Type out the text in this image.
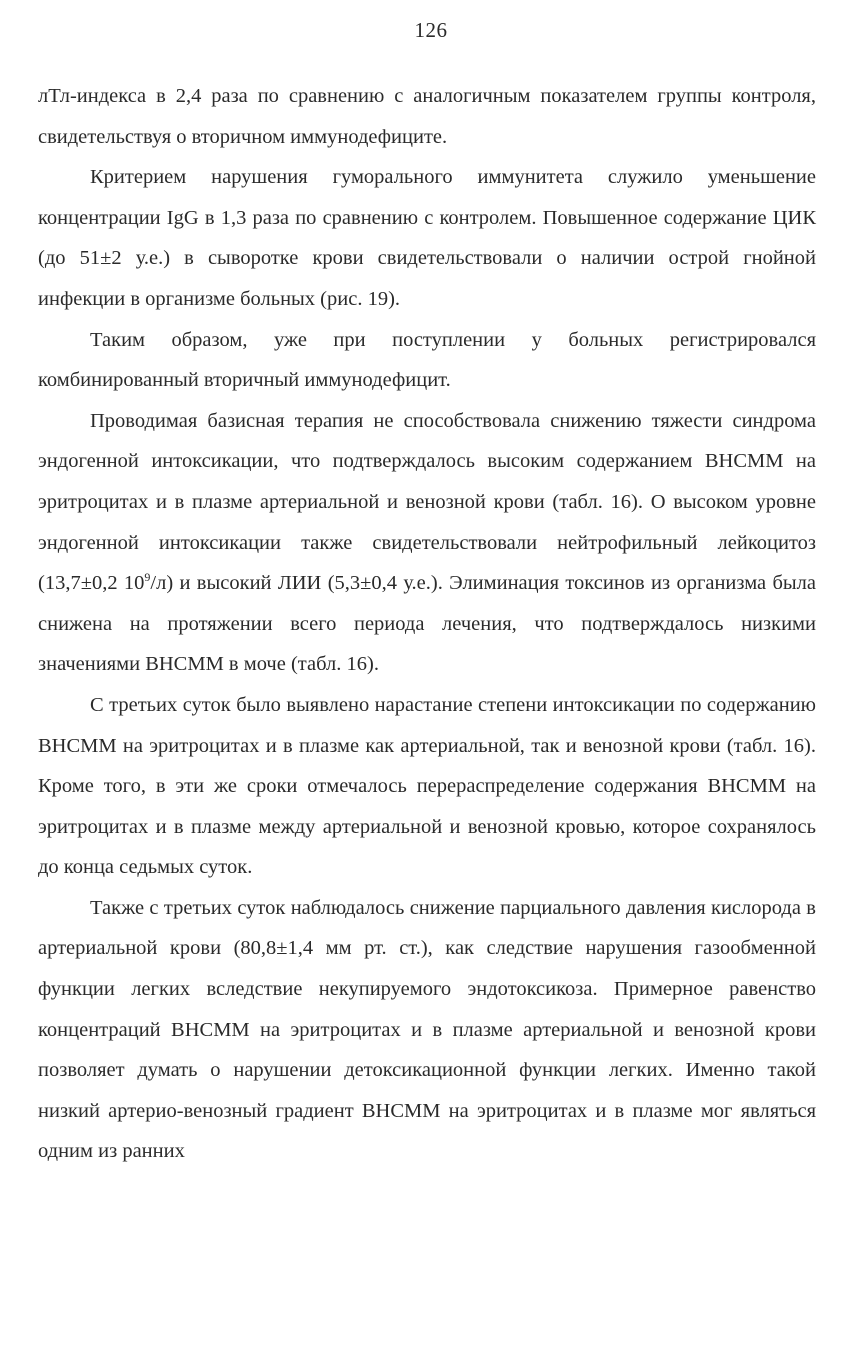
126

лТл-индекса в 2,4 раза по сравнению с аналогичным показателем группы контроля, свидетельствуя о вторичном иммунодефиците.

Критерием нарушения гуморального иммунитета служило уменьшение концентрации IgG в 1,3 раза по сравнению с контролем. Повышенное содержание ЦИК (до 51±2 у.е.) в сыворотке крови свидетельствовали о наличии острой гнойной инфекции в организме больных (рис. 19).

Таким образом, уже при поступлении у больных регистрировался комбинированный вторичный иммунодефицит.

Проводимая базисная терапия не способствовала снижению тяжести синдрома эндогенной интоксикации, что подтверждалось высоким содержанием ВНСММ на эритроцитах и в плазме артериальной и венозной крови (табл. 16). О высоком уровне эндогенной интоксикации также свидетельствовали нейтрофильный лейкоцитоз (13,7±0,2 $10^9/л$) и высокий ЛИИ (5,3±0,4 у.е.). Элиминация токсинов из организма была снижена на протяжении всего периода лечения, что подтверждалось низкими значениями ВНСММ в моче (табл. 16).

С третьих суток было выявлено нарастание степени интоксикации по содержанию ВНСММ на эритроцитах и в плазме как артериальной, так и венозной крови (табл. 16). Кроме того, в эти же сроки отмечалось перераспределение содержания ВНСММ на эритроцитах и в плазме между артериальной и венозной кровью, которое сохранялось до конца седьмых суток.

Также с третьих суток наблюдалось снижение парциального давления кислорода в артериальной крови (80,8±1,4 мм рт. ст.), как следствие нарушения газообменной функции легких вследствие некупируемого эндотоксикоза. Примерное равенство концентраций ВНСММ на эритроцитах и в плазме артериальной и венозной крови позволяет думать о нарушении детоксикационной функции легких. Именно такой низкий артерио-венозный градиент ВНСММ на эритроцитах и в плазме мог являться одним из ранних
